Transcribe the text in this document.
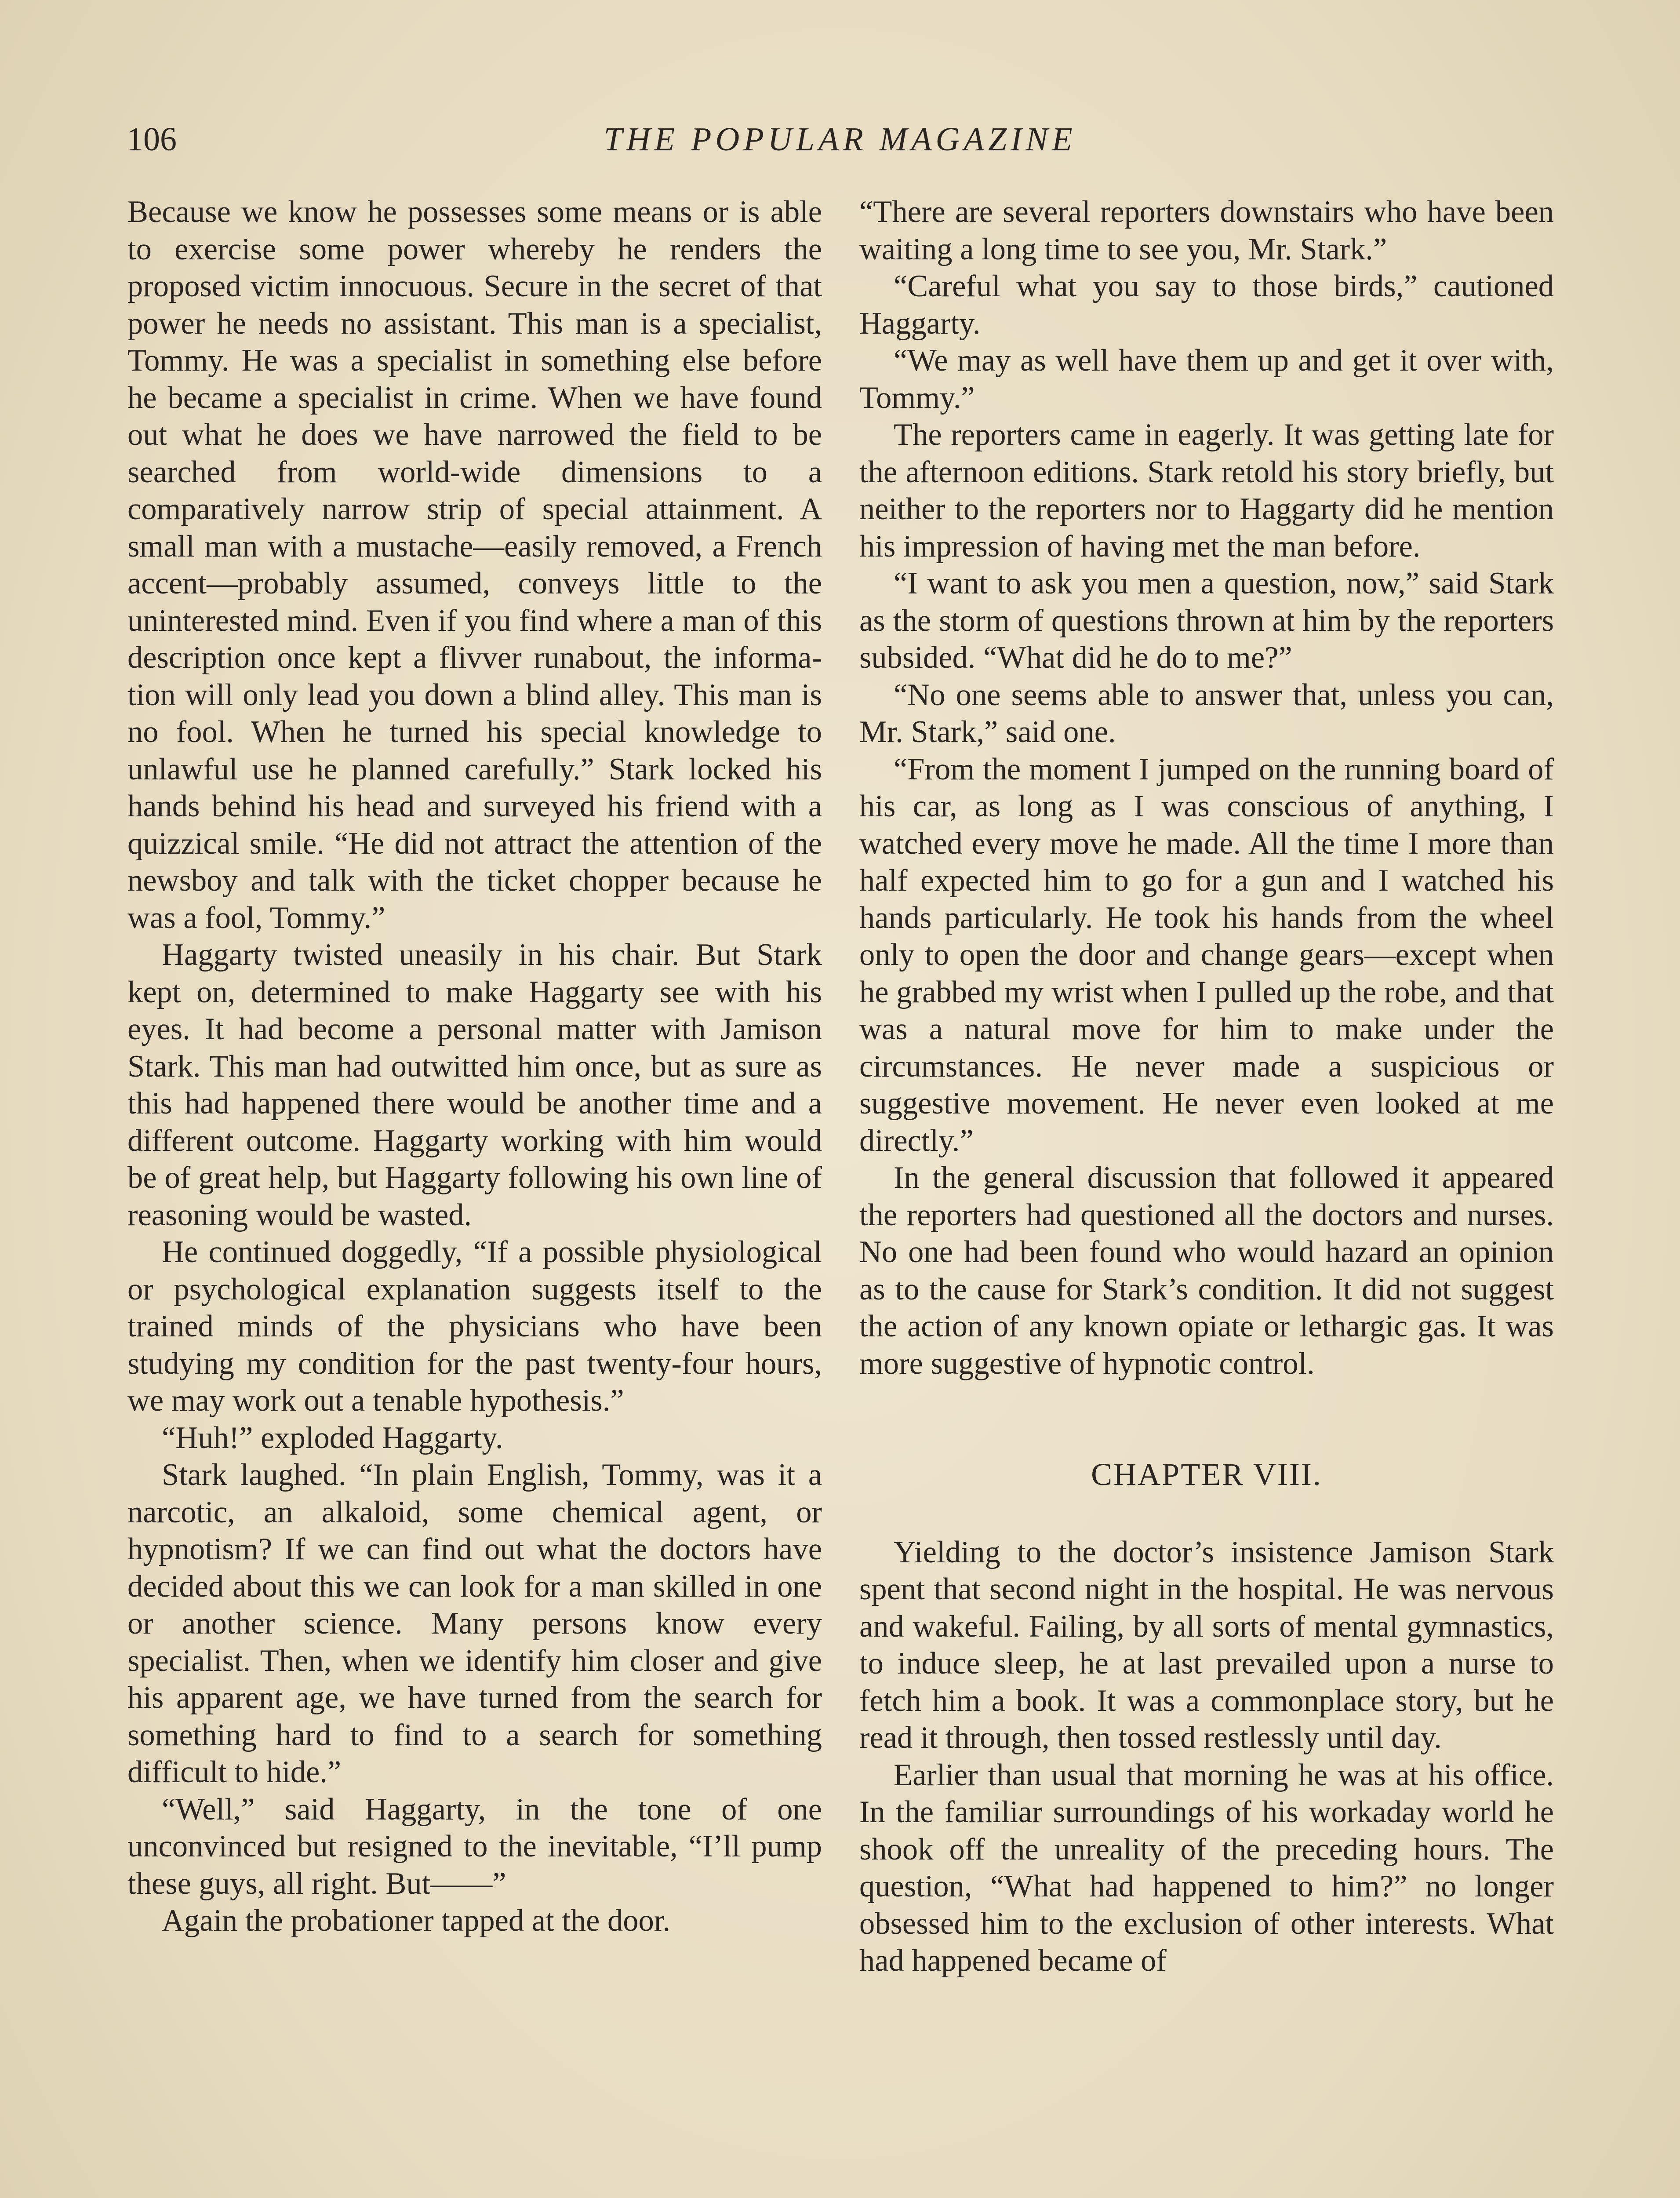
106	THE POPULAR MAGAZINE

Because we know he possesses some means or is able to exercise some power whereby he renders the proposed victim innocuous. Secure in the secret of that power he needs no assistant. This man is a specialist, Tommy. He was a specialist in something else before he became a specialist in crime. When we have found out what he does we have narrowed the field to be searched from world-wide dimensions to a comparatively narrow strip of special attainment. A small man with a mustache—easily removed, a French accent—probably assumed, conveys little to the uninterested mind. Even if you find where a man of this description once kept a flivver runabout, the information will only lead you down a blind alley. This man is no fool. When he turned his special knowledge to unlawful use he planned carefully.” Stark locked his hands behind his head and surveyed his friend with a quizzical smile. “He did not attract the attention of the newsboy and talk with the ticket chopper because he was a fool, Tommy.”

Haggarty twisted uneasily in his chair. But Stark kept on, determined to make Haggarty see with his eyes. It had become a personal matter with Jamison Stark. This man had outwitted him once, but as sure as this had happened there would be another time and a different outcome. Haggarty working with him would be of great help, but Haggarty following his own line of reasoning would be wasted.

He continued doggedly, “If a possible physiological or psychological explanation suggests itself to the trained minds of the physicians who have been studying my condition for the past twenty-four hours, we may work out a tenable hypothesis.”

“Huh!” exploded Haggarty.

Stark laughed. “In plain English, Tommy, was it a narcotic, an alkaloid, some chemical agent, or hypnotism? If we can find out what the doctors have decided about this we can look for a man skilled in one or another science. Many persons know every specialist. Then, when we identify him closer and give his apparent age, we have turned from the search for something hard to find to a search for something difficult to hide.”

“Well,” said Haggarty, in the tone of one unconvinced but resigned to the inevitable, “I’ll pump these guys, all right. But——”

Again the probationer tapped at the door.

“There are several reporters downstairs who have been waiting a long time to see you, Mr. Stark.”

“Careful what you say to those birds,” cautioned Haggarty.

“We may as well have them up and get it over with, Tommy.”

The reporters came in eagerly. It was getting late for the afternoon editions. Stark retold his story briefly, but neither to the reporters nor to Haggarty did he mention his impression of having met the man before.

“I want to ask you men a question, now,” said Stark as the storm of questions thrown at him by the reporters subsided. “What did he do to me?”

“No one seems able to answer that, unless you can, Mr. Stark,” said one.

“From the moment I jumped on the running board of his car, as long as I was conscious of anything, I watched every move he made. All the time I more than half expected him to go for a gun and I watched his hands particularly. He took his hands from the wheel only to open the door and change gears—except when he grabbed my wrist when I pulled up the robe, and that was a natural move for him to make under the circumstances. He never made a suspicious or suggestive movement. He never even looked at me directly.”

In the general discussion that followed it appeared the reporters had questioned all the doctors and nurses. No one had been found who would hazard an opinion as to the cause for Stark’s condition. It did not suggest the action of any known opiate or lethargic gas. It was more suggestive of hypnotic control.

CHAPTER VIII.

Yielding to the doctor’s insistence Jamison Stark spent that second night in the hospital. He was nervous and wakeful. Failing, by all sorts of mental gymnastics, to induce sleep, he at last prevailed upon a nurse to fetch him a book. It was a commonplace story, but he read it through, then tossed restlessly until day.

Earlier than usual that morning he was at his office. In the familiar surroundings of his workaday world he shook off the unreality of the preceding hours. The question, “What had happened to him?” no longer obsessed him to the exclusion of other interests. What had happened became of
